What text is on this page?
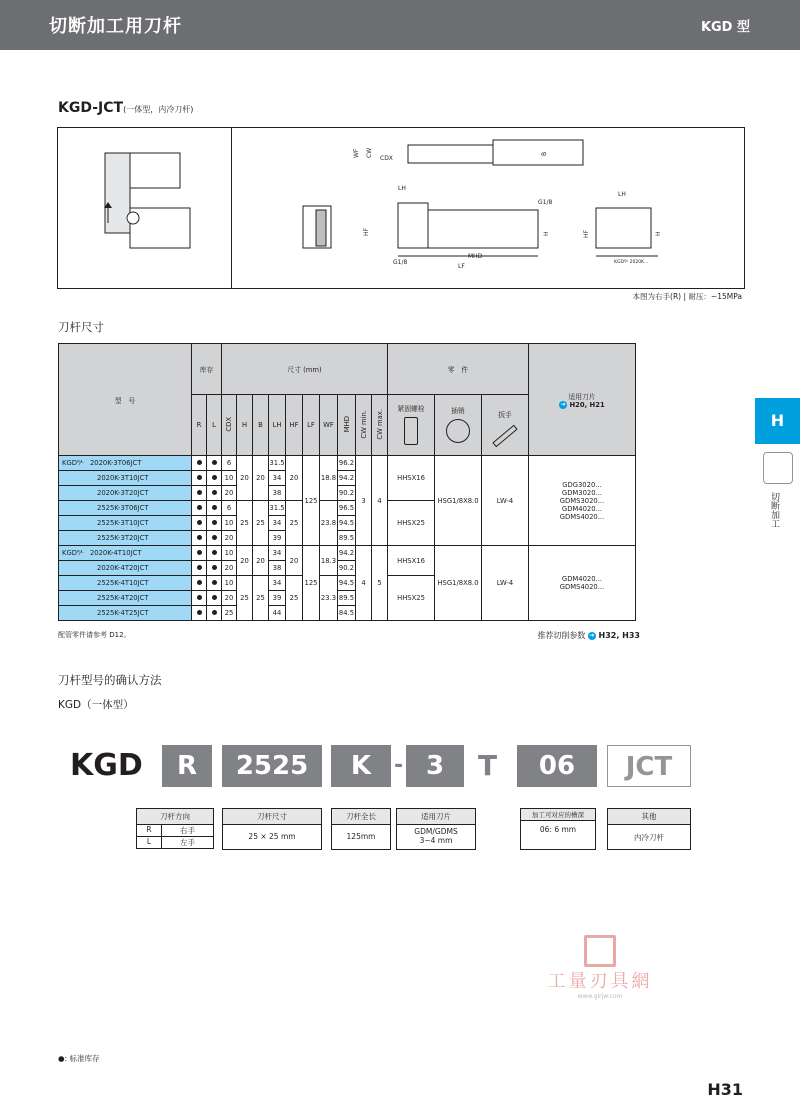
切断加工用刀杆	KGD 型
KGD-JCT(一体型，内冷刀杆)
WF CW
CDX
B
LH
G1/8
H
HF
MHD
LF
G1/8
LH
H
HF
KGDᴿ⁄ᴸ 2020K...
本图为右手(R) | 耐压：~15MPa
刀杆尺寸
型　号	库存		尺寸 (mm)										零　件			适用刀片
➜ H20, H21
	R	L	CDX	H	B	LH	HF	LF	WF	MHD	CW min.	CW max.	紧固螺栓	插销	扳手	

KGDᴿ⁄ᴸ 2020K-3T06JCT			6	20	20	31.5	20	125	18.8	96.2	3	4	HHSX16	HSG1/8X8.0	LW-4	GDG3020...
GDM3020...
GDMS3020...
GDM4020...
GDMS4020...

2020K-3T10JCT			10			34				94.2						
2020K-3T20JCT			20			38				90.2						
2525K-3T06JCT			6	25	25	31.5	25		23.8	96.5			HHSX25			
2525K-3T10JCT			10			34				94.5						
2525K-3T20JCT			20			39				89.5						
KGDᴿ⁄ᴸ 2020K-4T10JCT			10	20	20	34	20	125	18.3	94.2	4	5	HHSX16	HSG1/8X8.0	LW-4	GDM4020...
GDMS4020...

2020K-4T20JCT			20			38				90.2						
2525K-4T10JCT			10	25	25	34	25		23.3	94.5			HHSX25			
2525K-4T20JCT			20			39				89.5						
2525K-4T25JCT			25			44				84.5						
配管零件请参考 D12。	推荐切削参数 ➜ H32, H33
刀杆型号的确认方法
KGD（一体型）
KGD	R	2525	K	- 3	T	06	JCT
刀杆方向
R	右手
L	左手
刀杆尺寸
25 × 25 mm
刀杆全长
125mm
适用刀片
GDM/GDMS
3~4 mm
加工可对应的槽深
06: 6 mm
其他
内冷刀杆
H
切断加工
工量刃具網
www.glrjw.com
●: 标准库存
H31
